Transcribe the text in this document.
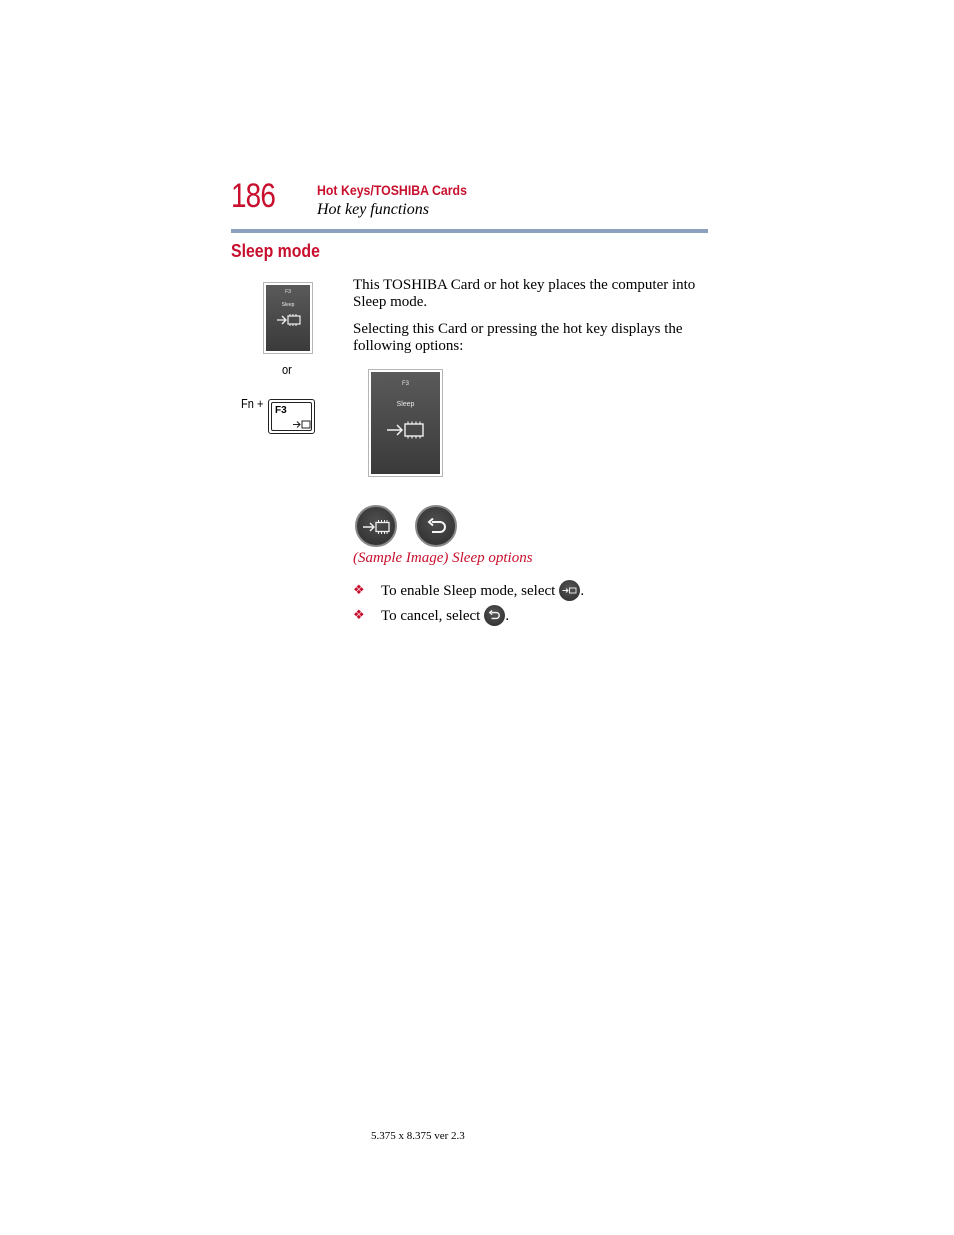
186	Hot Keys/TOSHIBA Cards
Hot key functions
Sleep mode
This TOSHIBA Card or hot key places the computer into Sleep mode.
Selecting this Card or pressing the hot key displays the following options:
F3
Sleep
or
Fn + F3
F3
Sleep
(Sample Image) Sleep options
❖	To enable Sleep mode, select .
❖	To cancel, select .
5.375 x 8.375 ver 2.3
